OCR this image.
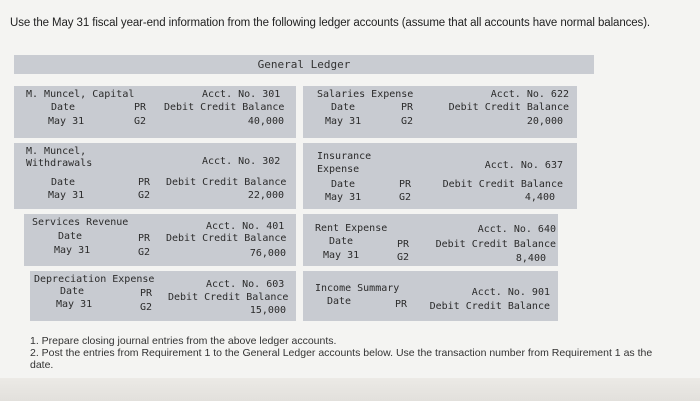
Use the May 31 fiscal year-end information from the following ledger accounts (assume that all accounts have normal balances).
General Ledger
M. Muncel, Capital	Acct. No. 301
Date	PR Debit Credit Balance
May 31	G2	40,000
Salaries Expense	Acct. No. 622
Date	PR	Debit Credit Balance
May 31	G2	20,000
M. Muncel,
Withdrawals	Acct. No. 302
Date	PR Debit Credit Balance
May 31	G2	22,000
Insurance
Expense	Acct. No. 637
Date	PR	Debit Credit Balance
May 31	G2	4,400
Services Revenue	Acct. No. 401
Date	PR Debit Credit Balance
May 31	G2	76,000
Rent Expense	Acct. No. 640
Date	PR	Debit Credit Balance
May 31	G2	8,400
Depreciation Expense	Acct. No. 603
Date	PR Debit Credit Balance
May 31	G2	15,000
Income Summary	Acct. No. 901
Date	PR Debit Credit Balance
1. Prepare closing journal entries from the above ledger accounts.
2. Post the entries from Requirement 1 to the General Ledger accounts below. Use the transaction number from Requirement 1 as the
date.
